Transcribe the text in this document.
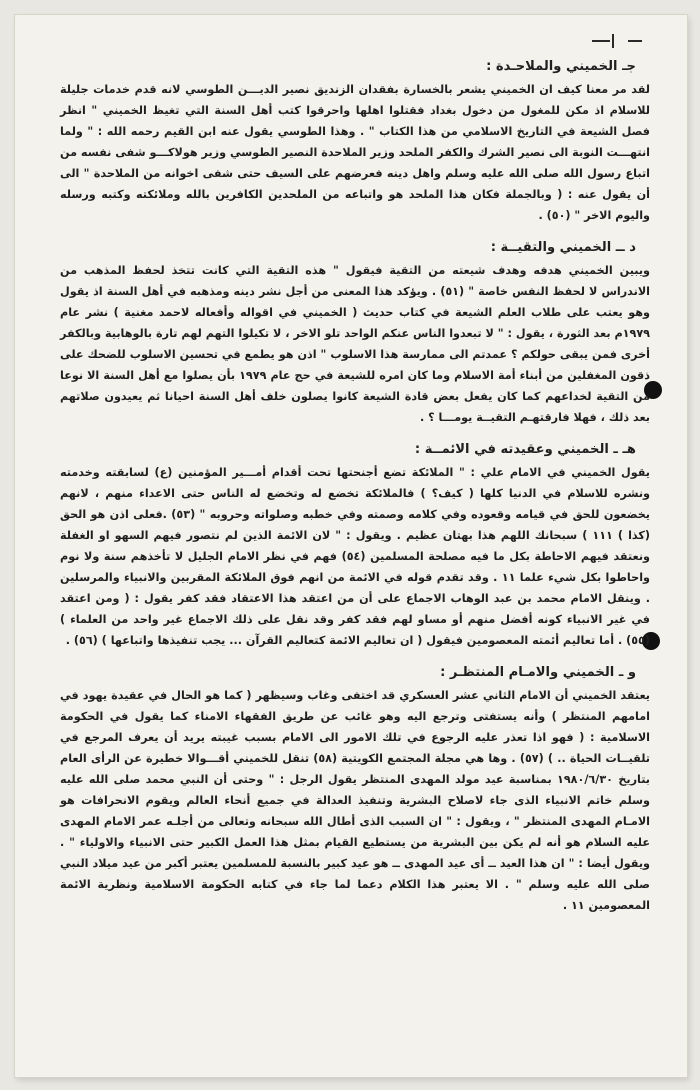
جـ الخميني والملاحـدة :

لقد مر معنا كيف ان الخميني يشعر بالخسارة بفقدان الزنديق نصير الديـــن الطوسي لانه قدم خدمات جليلة للاسلام اذ مكن للمغول من دخول بغداد فقتلوا اهلها واحرقوا كتب أهل السنة التي تغيظ الخميني " انظر فصل الشيعة في التاريخ الاسلامي من هذا الكتاب " . وهذا الطوسي يقول عنه ابن القيم رحمه الله : " ولما انتهـــت النوبة الى نصير الشرك والكفر الملحد وزير الملاحدة النصير الطوسي وزير هولاكـــو شفى نفسه من اتباع رسول الله صلى الله عليه وسلم واهل دينه فعرضهم على السيف حتى شفى اخوانه من الملاحدة " الى أن يقول عنه : ( وبالجملة فكان هذا الملحد هو واتباعه من الملحدين الكافرين بالله وملائكته وكتبه ورسله واليوم الاخر " (٥٠) .

د ــ الخميني والتقيــة :

ويبين الخميني هدفه وهدف شيعته من التقية فيقول " هذه التقية التي كانت تتخذ لحفظ المذهب من الاندراس لا لحفظ النفس خاصة " (٥١) . ويؤكد هذا المعنى من أجل نشر دينه ومذهبه في أهل السنة اذ يقول وهو يعتب على طلاب العلم الشيعة في كتاب حديث ( الخميني في اقواله وأفعاله لاحمد مغنية ) نشر عام ١٩٧٩م بعد الثورة ، يقول : " لا تبعدوا الناس عنكم الواحد تلو الاخر ، لا تكيلوا التهم لهم تارة بالوهابية وبالكفر أخرى فمن يبقى حولكم ؟ عمدتم الى ممارسة هذا الاسلوب " اذن هو يطمع في تحسين الاسلوب للضحك على ذقون المغفلين من أبناء أمة الاسلام وما كان امره للشيعة في حج عام ١٩٧٩ بأن يصلوا مع أهل السنة الا نوعا من التقية لخداعهم كما كان يفعل بعض قادة الشيعة كانوا يصلون خلف أهل السنة احيانا ثم يعيدون صلاتهم بعد ذلك ، فهلا فارقتهـم التقيــة يومـــا ؟ .

هـ ـ الخميني وعقيدته في الائمــة :

يقول الخميني في الامام علي : " الملائكة تضع أجنحتها تحت أقدام أمـــير المؤمنين (ع) لسابقته وخدمته ونشره للاسلام في الدنيا كلها ( كيف؟ ) فالملائكة تخضع له وتخضع له الناس حتى الاعداء منهم ، لانهم يخضعون للحق في قيامه وقعوده وفي كلامه وصمته وفي خطبه وصلواته وحروبه " (٥٣) .فعلى اذن هو الحق (كذا ) ١١١ ) سبحانك اللهم هذا بهتان عظيم . ويقول : " لان الائمة الذين لم نتصور فيهم السهو او الغفلة ونعتقد فيهم الاحاطة بكل ما فيه مصلحة المسلمين (٥٤) فهم في نظر الامام الجليل لا تأخذهم سنة ولا نوم واحاطوا بكل شيء علما ١١ . وقد تقدم قوله في الائمة من انهم فوق الملائكة المقربين والانبياء والمرسلين . وينقل الامام محمد بن عبد الوهاب الاجماع على أن من اعتقد هذا الاعتقاد فقد كفر يقول : ( ومن اعتقد في غير الانبياء كونه أفضل منهم أو مساو لهم فقد كفر وقد نقل على ذلك الاجماع غير واحد من العلماء ) (٥٥) . أما تعاليم أئمته المعصومين فيقول ( ان تعاليم الائمة كتعاليم القرآن ... يجب تنفيذها واتباعها ) (٥٦) .

و ـ الخميني والامـام المنتظـر :

يعتقد الخميني أن الامام الثاني عشر العسكري قد اختفى وغاب وسيظهر ( كما هو الحال في عقيدة يهود في امامهم المنتظر ) وأنه يستفتى وترجع اليه وهو غائب عن طريق الفقهاء الامناء كما يقول في الحكومة الاسلامية : ( فهو اذا تعذر عليه الرجوع في تلك الامور الى الامام بسبب غيبته يريد أن يعرف المرجع في تلقيــات الحياة .. ) (٥٧) . وها هي مجلة المجتمع الكويتية (٥٨) تنقل للخميني أقـــوالا خطيرة عن الرأى العام بتاريخ ١٩٨٠/٦/٣٠ بمناسبة عيد مولد المهدى المنتظر يقول الرجل : " وحتى أن النبي محمد صلى الله عليه وسلم خاتم الانبياء الذى جاء لاصلاح البشرية وتنفيذ العدالة في جميع أنحاء العالم ويقوم الانحرافات هو الامـام المهدى المنتظر " ، ويقول : " ان السبب الذى أطال الله سبحانه وتعالى من أجلـه عمر الامام المهدى عليه السلام هو أنه لم يكن بين البشرية من يستطيع القيام بمثل هذا العمل الكبير حتى الانبياء والاولياء " . ويقول أيضا : " ان هذا العيد ــ أى عيد المهدى ــ هو عيد كبير بالنسبة للمسلمين يعتبر أكبر من عيد ميلاد النبي صلى الله عليه وسلم " . الا يعتبر هذا الكلام دعما لما جاء في كتابه الحكومة الاسلامية ونظرية الائمة المعصومين ١١ .
